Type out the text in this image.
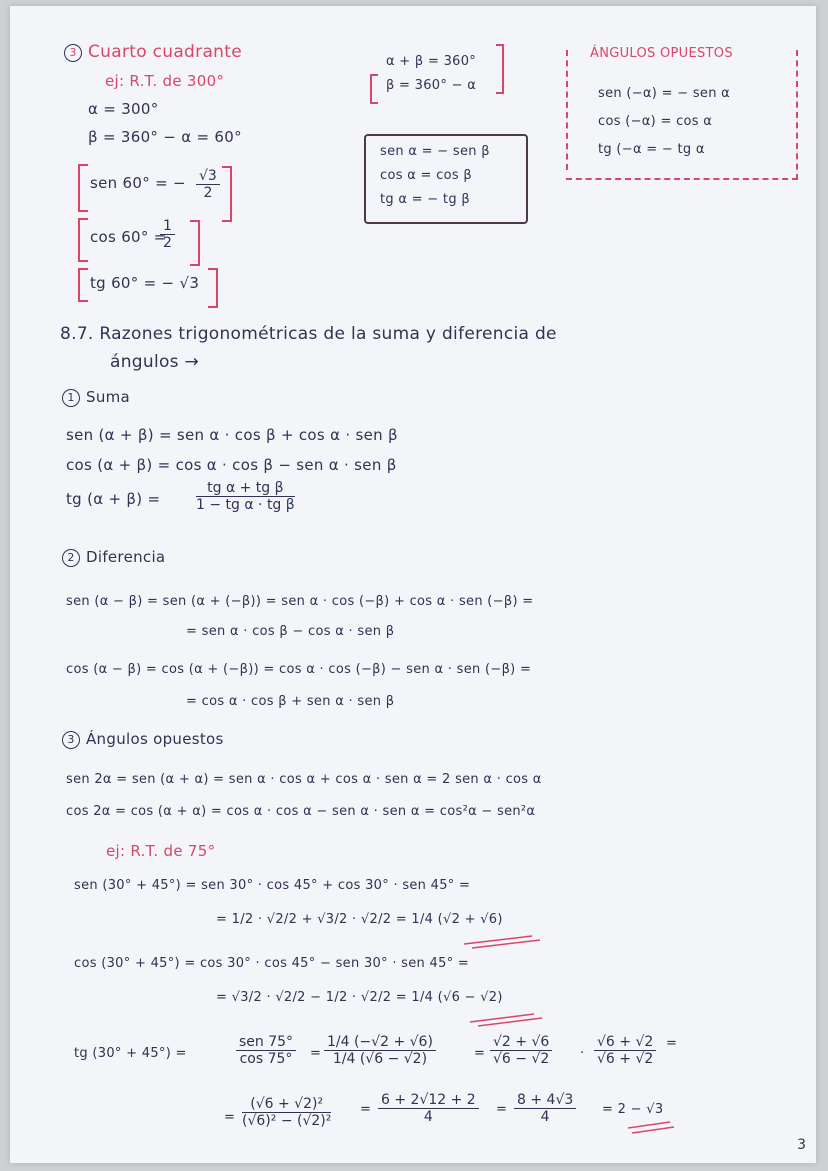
3 Cuarto cuadrante
ej: R.T. de 300°
α = 300°
β = 360° − α = 60°
sen 60° = − $\frac{√3}{2}$
cos 60° =
$\frac{1}{2}$
tg 60° = − √3
α + β = 360°
β = 360° − α
sen α = − sen β
cos α = cos β
tg α = − tg β
ÁNGULOS OPUESTOS
sen (−α) = − sen α
cos (−α) = cos α
tg (−α = − tg α
8.7. Razones trigonométricas de la suma y diferencia de
ángulos →
1 Suma
sen (α + β) = sen α · cos β + cos α · sen β
cos (α + β) = cos α · cos β − sen α · sen β
tg (α + β) =	$\frac{\text{tg α + tg β}}{\text{1 − tg α · tg β}}$
2 Diferencia
sen (α − β) = sen (α + (−β)) = sen α · cos (−β) + cos α · sen (−β) =
= sen α · cos β − cos α · sen β
cos (α − β) = cos (α + (−β)) = cos α · cos (−β) − sen α · sen (−β) =
= cos α · cos β + sen α · sen β
3 Ángulos opuestos
sen 2α = sen (α + α) = sen α · cos α + cos α · sen α = 2 sen α · cos α
cos 2α = cos (α + α) = cos α · cos α − sen α · sen α = cos²α − sen²α
ej: R.T. de 75°
sen (30° + 45°) = sen 30° · cos 45° + cos 30° · sen 45° =
= 1/2 · √2/2 + √3/2 · √2/2 = 1/4 (√2 + √6)
cos (30° + 45°) = cos 30° · cos 45° − sen 30° · sen 45° =
= √3/2 · √2/2 − 1/2 · √2/2 = 1/4 (√6 − √2)
tg (30° + 45°) =
sen 75°
$\cos 75^\circ = \frac{1/4 (-√2 + √6)}{1/4 (√6 - √2)}$	= $\frac{√2 + √6}{√6 - √2} \cdot \frac{√6 + √2}{√6 + √2}$ =
= $\frac{\text{(√6 + √2)²}}{\text{(√6)² − (√2)²}} = \frac{6 + 2√12 + 2}{4} = \frac{8 + 4√3}{4} = 2 - √3$
3
